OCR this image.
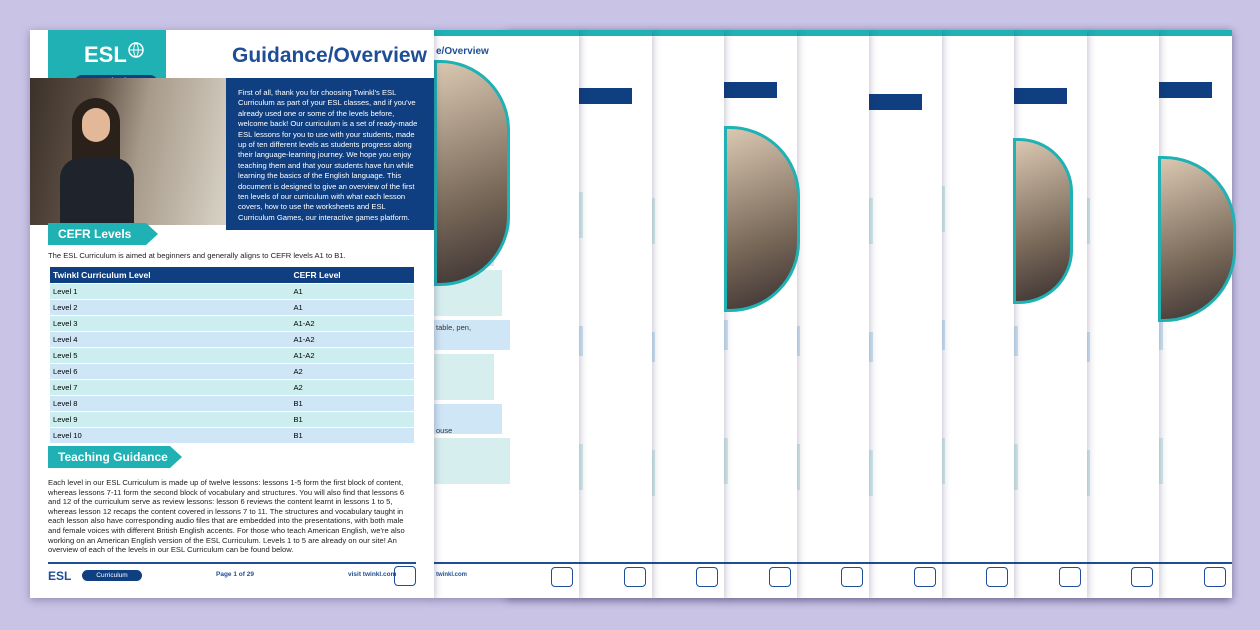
e/Overview
table, pen,
ouse
twinkl.com
ESL	Guidance/Overview
First of all, thank you for choosing Twinkl's ESL Curriculum as part of your ESL classes, and if you've already used one or some of the levels before, welcome back! Our curriculum is a set of ready-made ESL lessons for you to use with your students, made up of ten different levels as students progress along their language-learning journey. We hope you enjoy teaching them and that your students have fun while learning the basics of the English language. This document is designed to give an overview of the first ten levels of our curriculum with what each lesson covers, how to use the worksheets and ESL Curriculum Games, our interactive games platform.
CEFR Levels
The ESL Curriculum is aimed at beginners and generally aligns to CEFR levels A1 to B1.
Twinkl Curriculum Level	CEFR Level
Level 1	A1
Level 2	A1
Level 3	A1-A2
Level 4	A1-A2
Level 5	A1-A2
Level 6	A2
Level 7	A2
Level 8	B1
Level 9	B1
Level 10	B1
Teaching Guidance
Each level in our ESL Curriculum is made up of twelve lessons: lessons 1-5 form the first block of content, whereas lessons 7-11 form the second block of vocabulary and structures. You will also find that lessons 6 and 12 of the curriculum serve as review lessons: lesson 6 reviews the content learnt in lessons 1 to 5, whereas lesson 12 recaps the content covered in lessons 7 to 11. The structures and vocabulary taught in each lesson also have corresponding audio files that are embedded into the presentations, with both male and female voices with different British English accents. For those who teach American English, we're also working on an American English version of the ESL Curriculum. Levels 1 to 5 are already on our site! An overview of each of the levels in our ESL Curriculum can be found below.
ESL	Curriculum	Page 1 of 29	visit twinkl.com
